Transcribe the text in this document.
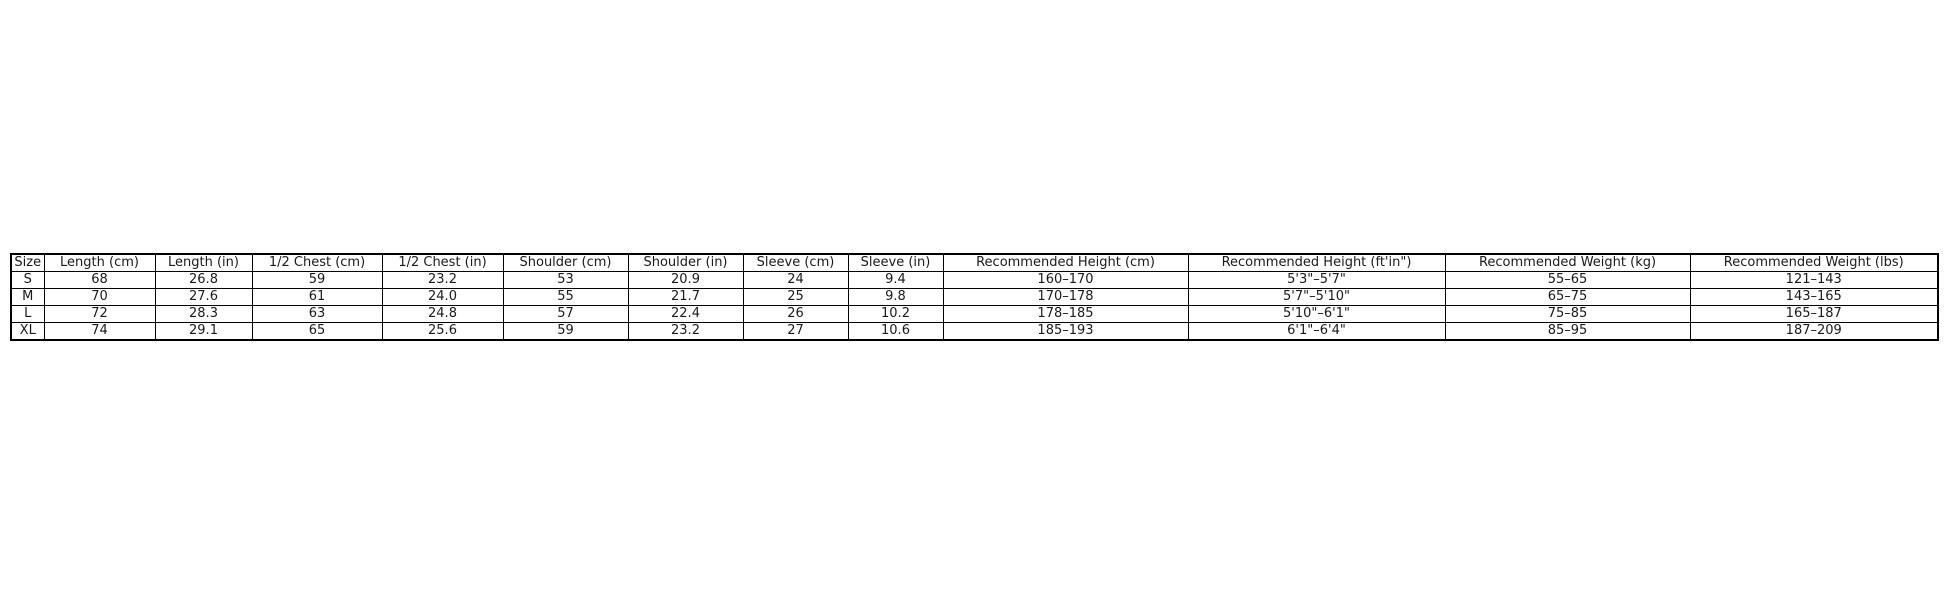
Size	Length (cm)	Length (in)	1/2 Chest (cm)	1/2 Chest (in)	Shoulder (cm)	Shoulder (in)	Sleeve (cm)	Sleeve (in)	Recommended Height (cm)	Recommended Height (ft'in")	Recommended Weight (kg)	Recommended Weight (lbs)
S	68	26.8	59	23.2	53	20.9	24	9.4	160–170	5'3"–5'7"	55–65	121–143
M	70	27.6	61	24.0	55	21.7	25	9.8	170–178	5'7"–5'10"	65–75	143–165
L	72	28.3	63	24.8	57	22.4	26	10.2	178–185	5'10"–6'1"	75–85	165–187
XL	74	29.1	65	25.6	59	23.2	27	10.6	185–193	6'1"–6'4"	85–95	187–209
